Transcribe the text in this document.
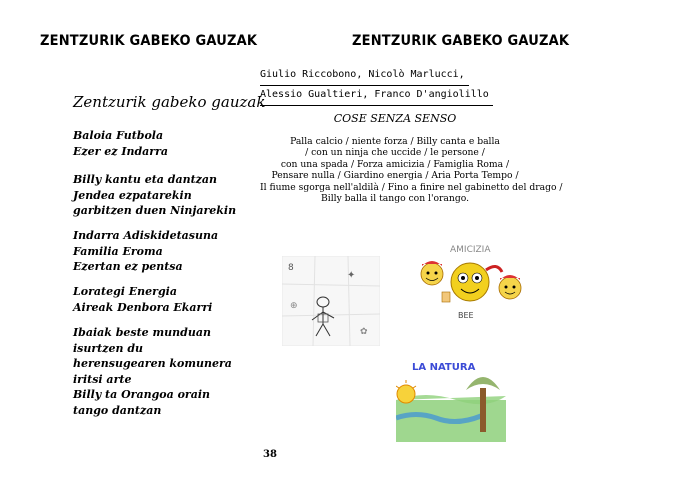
ZENTZURIK GABEKO GAUZAK
Zentzurik gabeko gauzak
Baloia Futbola
Ezer ez Indarra
Billy kantu eta dantzan
Jendea ezpatarekin
garbitzen duen Ninjarekin
Indarra Adiskidetasuna
Familia Eroma
Ezertan ez pentsa
Lorategi Energia
Aireak Denbora Ekarri
Ibaiak beste munduan
isurtzen du
herensugearen komunera
iritsi arte
Billy ta Orangoa orain
tango dantzan
ZENTZURIK GABEKO GAUZAK
Giulio Riccobono, Nicolò Marlucci,
Alessio Gualtieri, Franco D'angiolillo
COSE SENZA SENSO
Palla calcio / niente forza / Billy canta e balla
/ con un ninja che uccide / le persone /
con una spada / Forza amicizia / Famiglia Roma /
Pensare nulla / Giardino energia / Aria Porta Tempo /
Il fiume sgorga nell'aldilà / Fino a finire nel gabinetto del drago /
Billy balla il tango con l'orango.
8
✦
⊕
✿
AMICIZIA
BEE
LA NATURA
38
